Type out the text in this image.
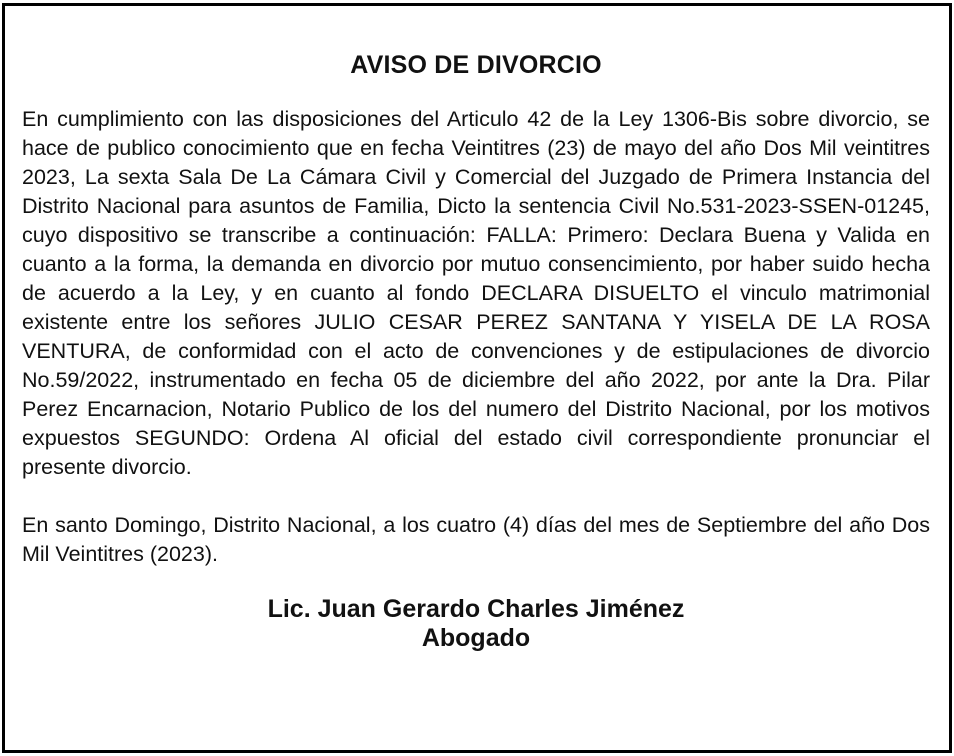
AVISO DE DIVORCIO

En cumplimiento con las disposiciones del Articulo 42 de la Ley 1306-Bis sobre divorcio, se hace de publico conocimiento que en fecha Veintitres (23) de mayo del año Dos Mil veintitres 2023, La sexta Sala De La Cámara Civil y Comercial del Juzgado de Primera Instancia del Distrito Nacional para asuntos de Familia, Dicto la sentencia Civil No.531-2023-SSEN-01245, cuyo dispositivo se transcribe a continuación: FALLA: Primero: Declara Buena y Valida en cuanto a la forma, la demanda en divorcio por mutuo consencimiento, por haber suido hecha de acuerdo a la Ley, y en cuanto al fondo DECLARA DISUELTO el vinculo matrimonial existente entre los señores JULIO CESAR PEREZ SANTANA Y YISELA DE LA ROSA VENTURA, de conformidad con el acto de convenciones y de estipulaciones de divorcio No.59/2022, instrumentado en fecha 05 de diciembre del año 2022, por ante la Dra. Pilar Perez Encarnacion, Notario Publico de los del numero del Distrito Nacional, por los motivos expuestos SEGUNDO: Ordena Al oficial del estado civil correspondiente pronunciar el presente divorcio.

En santo Domingo, Distrito Nacional, a los cuatro (4) días del mes de Septiembre del año Dos Mil Veintitres (2023).

Lic. Juan Gerardo Charles Jiménez
Abogado
